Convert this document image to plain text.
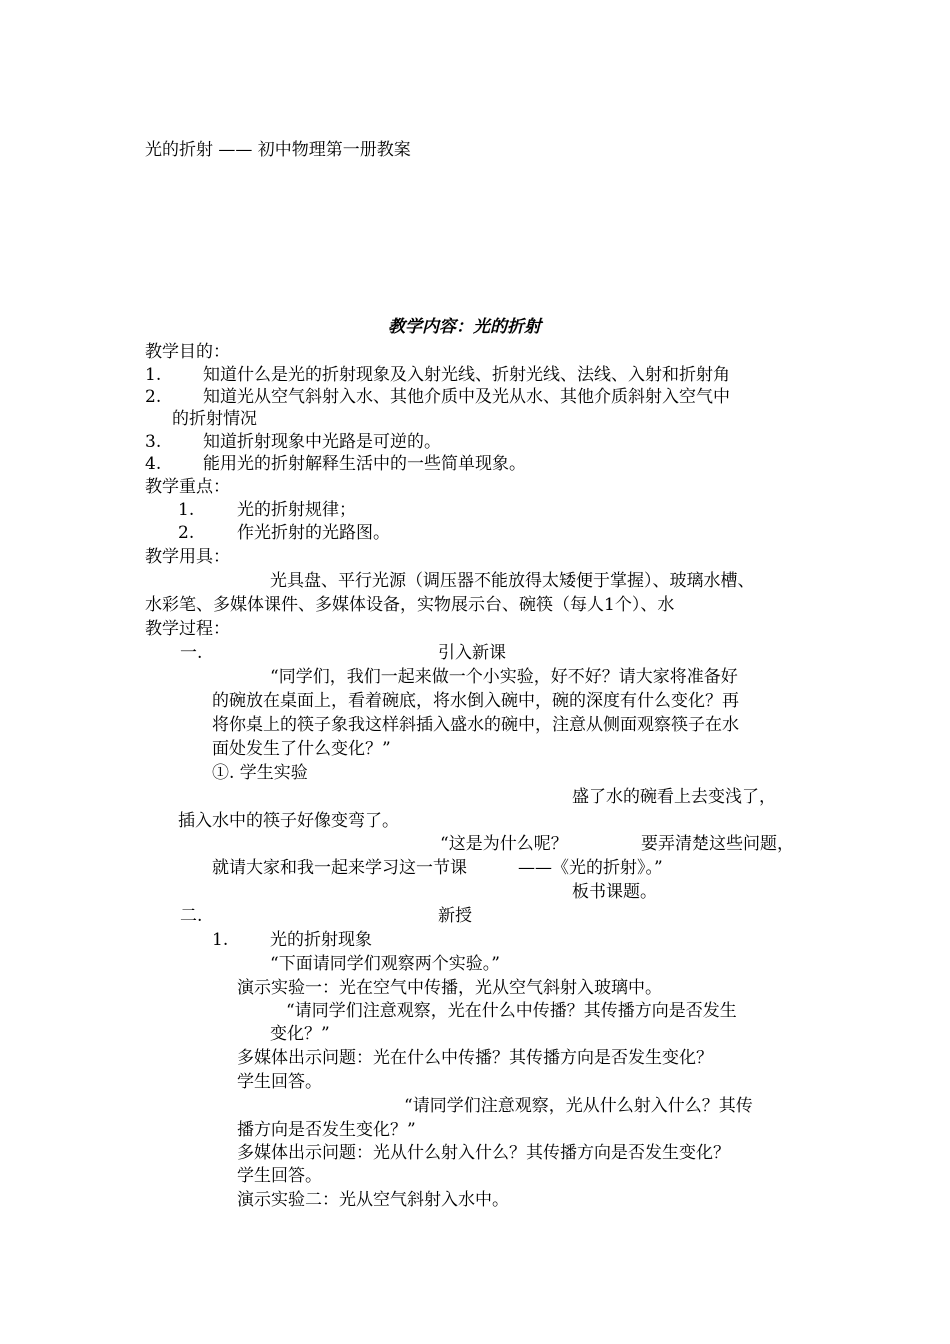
光的折射 —— 初中物理第一册教案
教学内容：光的折射
教学目的：
1. 知道什么是光的折射现象及入射光线、折射光线、法线、入射和折射角
2. 知道光从空气斜射入水、其他介质中及光从水、其他介质斜射入空气中
的折射情况
3. 知道折射现象中光路是可逆的。
4. 能用光的折射解释生活中的一些简单现象。
教学重点：
1.	光的折射规律；
2.	作光折射的光路图。
教学用具：
光具盘、平行光源（调压器不能放得太矮便于掌握）、玻璃水槽、
水彩笔、多媒体课件、多媒体设备，实物展示台、碗筷（每人1个）、水
教学过程：
一.	引入新课
“同学们，我们一起来做一个小实验，好不好？请大家将准备好
的碗放在桌面上，看着碗底，将水倒入碗中，碗的深度有什么变化？再
将你桌上的筷子象我这样斜插入盛水的碗中，注意从侧面观察筷子在水
面处发生了什么变化？”
①. 学生实验
盛了水的碗看上去变浅了，
插入水中的筷子好像变弯了。
“这是为什么呢？	要弄清楚这些问题，
就请大家和我一起来学习这一节课	——《光的折射》。”
板书课题。
二.	新授
1. 光的折射现象
“下面请同学们观察两个实验。”
演示实验一：光在空气中传播，光从空气斜射入玻璃中。
“请同学们注意观察，光在什么中传播？其传播方向是否发生
变化？”
多媒体出示问题：光在什么中传播？其传播方向是否发生变化？
学生回答。
“请同学们注意观察，光从什么射入什么？其传
播方向是否发生变化？”
多媒体出示问题：光从什么射入什么？其传播方向是否发生变化？
学生回答。
演示实验二：光从空气斜射入水中。
